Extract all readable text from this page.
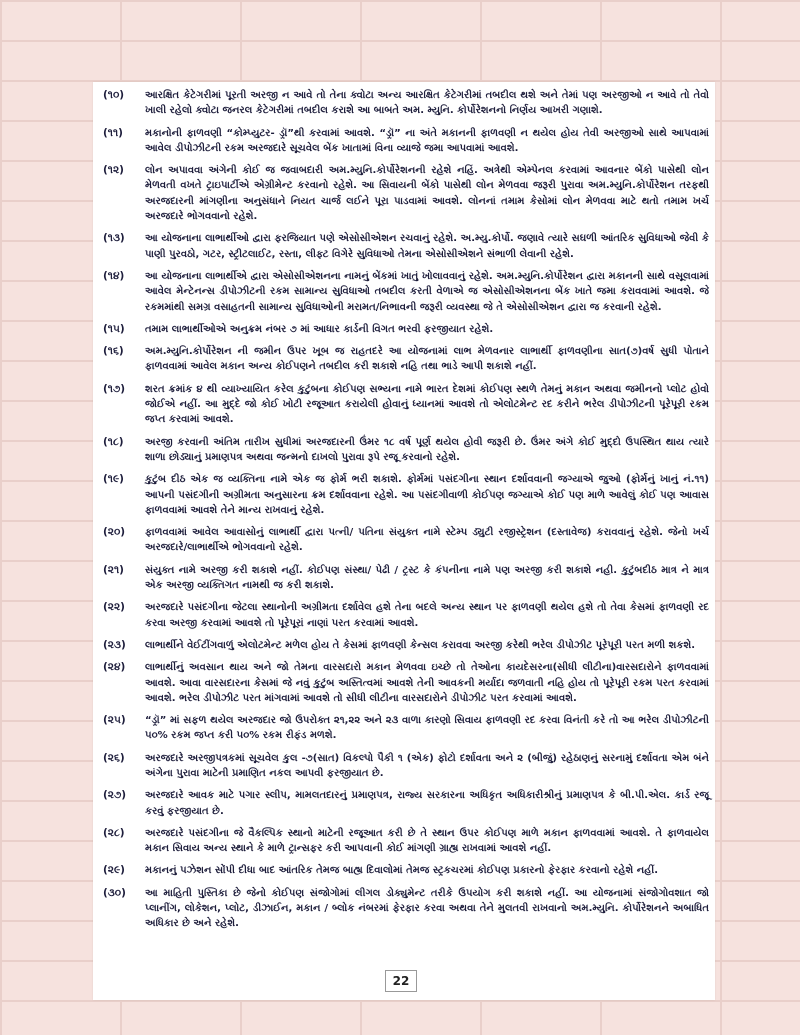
(૧૦)	આરક્ષિત કેટેગરીમાં પૂરતી અરજી ન આવે તો તેના ક્વોટા અન્ય આરક્ષિત કેટેગરીમાં તબદીલ થશે અને તેમાં પણ અરજીઓ ન આવે તો તેવો ખાલી રહેલો ક્વોટા જનરલ કેટેગરીમાં તબદીલ કરાશે આ બાબતે અમ. મ્યુનિ. કોર્પોરેશનનો નિર્ણય આખરી ગણાશે.
(૧૧)	મકાનોની ફાળવણી “કોમ્પ્યુટર- ડ્રૉ”થી કરવામાં આવશે. “ડ્રૉ” ના અંતે મકાનની ફાળવણી ન થયેલ હોય તેવી અરજીઓ સાથે આપવામાં આવેલ ડીપોઝીટની રકમ અરજદારે સૂચવેલ બેંક ખાતામાં વિના વ્યાજે જમા આપવામાં આવશે.
(૧૨)	લોન અપાવવા અંગેની કોઈ જ જવાબદારી અમ.મ્યુનિ.કોર્પોરેશનની રહેશે નહિં. અત્રેથી એમ્પેનલ કરવામાં આવનાર બેંકો પાસેથી લોન મેળવતી વખતે ટ્રાઇપાર્ટીએ એગ્રીમેન્ટ કરવાનો રહેશે. આ સિવાયની બેંકો પાસેથી લોન મેળવવા જરૂરી પુરાવા અમ.મ્યુનિ.કોર્પોરેશન તરફથી અરજદારની માંગણીના અનુસંધાને નિયત ચાર્જ લઈને પૂરા પાડવામાં આવશે. લોનનાં તમામ કેસોમાં લોન મેળવવા માટે થતો તમામ ખર્ચ અરજદારે ભોગવવાનો રહેશે.
(૧૩)	આ યોજનાના લાભાર્થીઓ દ્વારા ફરજિયાત પણે એસોસીએશન રચવાનું રહેશે. અ.મ્યુ.કોર્પો. જણાવે ત્યારે સઘળી આંતરિક સુવિધાઓ જેવી કે પાણી પુરવઠો, ગટર, સ્ટ્રીટલાઈટ, રસ્તા, લીફ્ટ વિગેરે સુવિધાઓ તેમના એસોસીએશને સંભાળી લેવાની રહેશે.
(૧૪)	આ યોજનાના લાભાર્થીએ દ્વારા એસોસીએશનના નામનું બેંકમાં ખાતું ખોલાવવાનું રહેશે. અમ.મ્યુનિ.કોર્પોરેશન દ્વારા મકાનની સાથે વસૂલવામાં આવેલ મેન્ટેનન્સ ડીપોઝીટની રકમ સામાન્ય સુવિધાઓ તબદીલ કરતી વેળાએ જ એસોસીએશનના બેંક ખાતે જમા કરાવવામાં આવશે. જે રકમમાંથી સમગ્ર વસાહતની સામાન્ય સુવિધાઓની મરામત/નિભાવની જરૂરી વ્યવસ્થા જે તે એસોસીએશન દ્વારા જ કરવાની રહેશે.
(૧૫)	તમામ લાભાર્થીઓએ અનુક્રમ નંબર ૭ માં આધાર કાર્ડની વિગત ભરવી ફરજીયાત રહેશે.
(૧૬)	અમ.મ્યુનિ.કોર્પોરેશન ની જમીન ઉપર ખૂબ જ રાહતદરે આ યોજનામાં લાભ મેળવનાર લાભાર્થી ફાળવણીના સાત(૭)વર્ષ સુધી પોતાને ફાળવવામાં આવેલ મકાન અન્ય કોઈપણને તબદીલ કરી શકાશે નહિ તથા ભાડે આપી શકાશે નહીં.
(૧૭)	શરત ક્રમાંક ૪ થી વ્યાખ્યાયિત કરેલ કુટુંબના કોઈપણ સભ્યના નામે ભારત દેશમાં કોઈપણ સ્થળે તેમનું મકાન અથવા જમીનનો પ્લોટ હોવો જોઈએ નહીં. આ મુદ્દે જો કોઈ ખોટી રજૂઆત કરાયેલી હોવાનું ધ્યાનમાં આવશે તો એલોટમેન્ટ રદ કરીને ભરેલ ડીપોઝીટની પૂરેપૂરી રકમ જપ્ત કરવામાં આવશે.
(૧૮)	અરજી કરવાની અંતિમ તારીખ સુધીમાં અરજદારની ઉંમર ૧૮ વર્ષ પૂર્ણ થયેલ હોવી જરૂરી છે. ઉંમર અંગે કોઈ મુદ્દો ઉપસ્થિત થાય ત્યારે શાળા છોડ્યાનું પ્રમાણપત્ર અથવા જન્મનો દાખલો પુરાવા રૂપે રજૂ કરવાનો રહેશે.
(૧૯)	કુટુંબ દીઠ એક જ વ્યક્તિના નામે એક જ ફોર્મ ભરી શકાશે. ફોર્મમાં પસંદગીના સ્થાન દર્શાવવાની જગ્યાએ જુઓ (ફોર્મનું ખાનું નં.૧૧) આપની પસંદગીની અગ્રીમતા અનુસારના ક્રમ દર્શાવવાના રહેશે. આ પસંદગીવાળી કોઈપણ જગ્યાએ કોઈ પણ માળે આવેલું કોઈ પણ આવાસ ફાળવવામાં આવશે તેને માન્ય રાખવાનું રહેશે.
(૨૦)	ફાળવવામાં આવેલ આવાસોનું લાભાર્થી દ્વારા પત્ની/ પતિના સંયુક્ત નામે સ્ટેમ્પ ડ્યુટી રજીસ્ટ્રેશન (દસ્તાવેજ) કરાવવાનું રહેશે. જેનો ખર્ચ અરજદારે/લાભાર્થીએ ભોગવવાનો રહેશે.
(૨૧)	સંયુક્ત નામે અરજી કરી શકાશે નહીં. કોઈપણ સંસ્થા/ પેઢી / ટ્રસ્ટ કે કંપનીના નામે પણ અરજી કરી શકાશે નહી. કુટુંબદીઠ માત્ર ને માત્ર એક અરજી વ્યક્તિગત નામથી જ કરી શકાશે.
(૨૨)	અરજદારે પસંદગીના જેટલા સ્થાનોની અગ્રીમતા દર્શાવેલ હશે તેના બદલે અન્ય સ્થાન પર ફાળવણી થયેલ હશે તો તેવા કેસમાં ફાળવણી રદ કરવા અરજી કરવામાં આવશે તો પૂરેપૂરાં નાણાં પરત કરવામાં આવશે.
(૨૩)	લાભાર્થીને વેઈટીંગવાળું એલોટમેન્ટ મળેલ હોય તે કેસમાં ફાળવણી કેન્સલ કરાવવા અરજી કરેથી ભરેલ ડીપોઝીટ પૂરેપૂરી પરત મળી શકશે.
(૨૪)	લાભાર્થીનું અવસાન થાય અને જો તેમના વારસદારો મકાન મેળવવા ઇચ્છે તો તેઓના કાયદેસરના(સીધી લીટીના)વારસદારોને ફાળવવામાં આવશે. આવા વારસદારના કેસમાં જે નવું કુટુંબ અસ્તિત્વમાં આવશે તેની આવકની મર્યાદા જળવાતી નહિ હોય તો પૂરેપૂરી રકમ પરત કરવામાં આવશે. ભરેલ ડીપોઝીટ પરત માંગવામાં આવશે તો સીધી લીટીના વારસદારોને ડીપોઝીટ પરત કરવામાં આવશે.
(૨૫)	“ડ્રૉ” માં સફળ થયેલ અરજદાર જો ઉપરોક્ત ૨૧,૨૨ અને ૨૩ વાળા કારણો સિવાય ફાળવણી રદ કરવા વિનંતી કરે તો આ ભરેલ ડીપોઝીટની ૫૦% રકમ જપ્ત કરી ૫૦% રકમ રીફંડ મળશે.
(૨૬)	અરજદારે અરજીપત્રકમાં સૂચવેલ કુલ -૭(સાત) વિકલ્પો પૈકી ૧ (એક) ફોટો દર્શાવતા અને ૨ (બીજું) રહેઠાણનું સરનામું દર્શાવતા એમ બંને અંગેના પુરાવા માટેની પ્રમાણિત નકલ આપવી ફરજીયાત છે.
(૨૭)	અરજદારે આવક માટે પગાર સ્લીપ, મામલતદારનું પ્રમાણપત્ર, રાજ્ય સરકારના અધિકૃત અધિકારીશ્રીનું પ્રમાણપત્ર કે બી.પી.એલ. કાર્ડ રજૂ કરવું ફરજીયાત છે.
(૨૮)	અરજદારે પસંદગીના જે વૈકલ્પિક સ્થાનો માટેની રજૂઆત કરી છે તે સ્થાન ઉપર કોઈપણ માળે મકાન ફાળવવામાં આવશે. તે ફાળવાયેલ મકાન સિવાય અન્ય સ્થાને કે માળે ટ્રાન્સફર કરી આપવાની કોઈ માંગણી ગ્રાહ્ય રાખવામાં આવશે નહીં.
(૨૯)	મકાનનું પઝેશન સોંપી દીધા બાદ આંતરિક તેમજ બાહ્ય દિવાલોમાં તેમજ સ્ટ્રકચરમાં કોઈપણ પ્રકારનો ફેરફાર કરવાનો રહેશે નહીં.
(૩૦)	આ માહિતી પુસ્તિકા છે જેનો કોઈપણ સંજોગોમાં લીગલ ડોક્યુમેન્ટ તરીકે ઉપયોગ કરી શકાશે નહીં. આ યોજનામાં સંજોગોવશાત જો પ્લાનીંગ, લોકેશન, પ્લોટ, ડીઝાઈન, મકાન / બ્લોક નંબરમાં ફેરફાર કરવા અથવા તેને મુલતવી રાખવાનો અમ.મ્યુનિ. કોર્પોરેશનને અબાધિત અધિકાર છે અને રહેશે.
22
